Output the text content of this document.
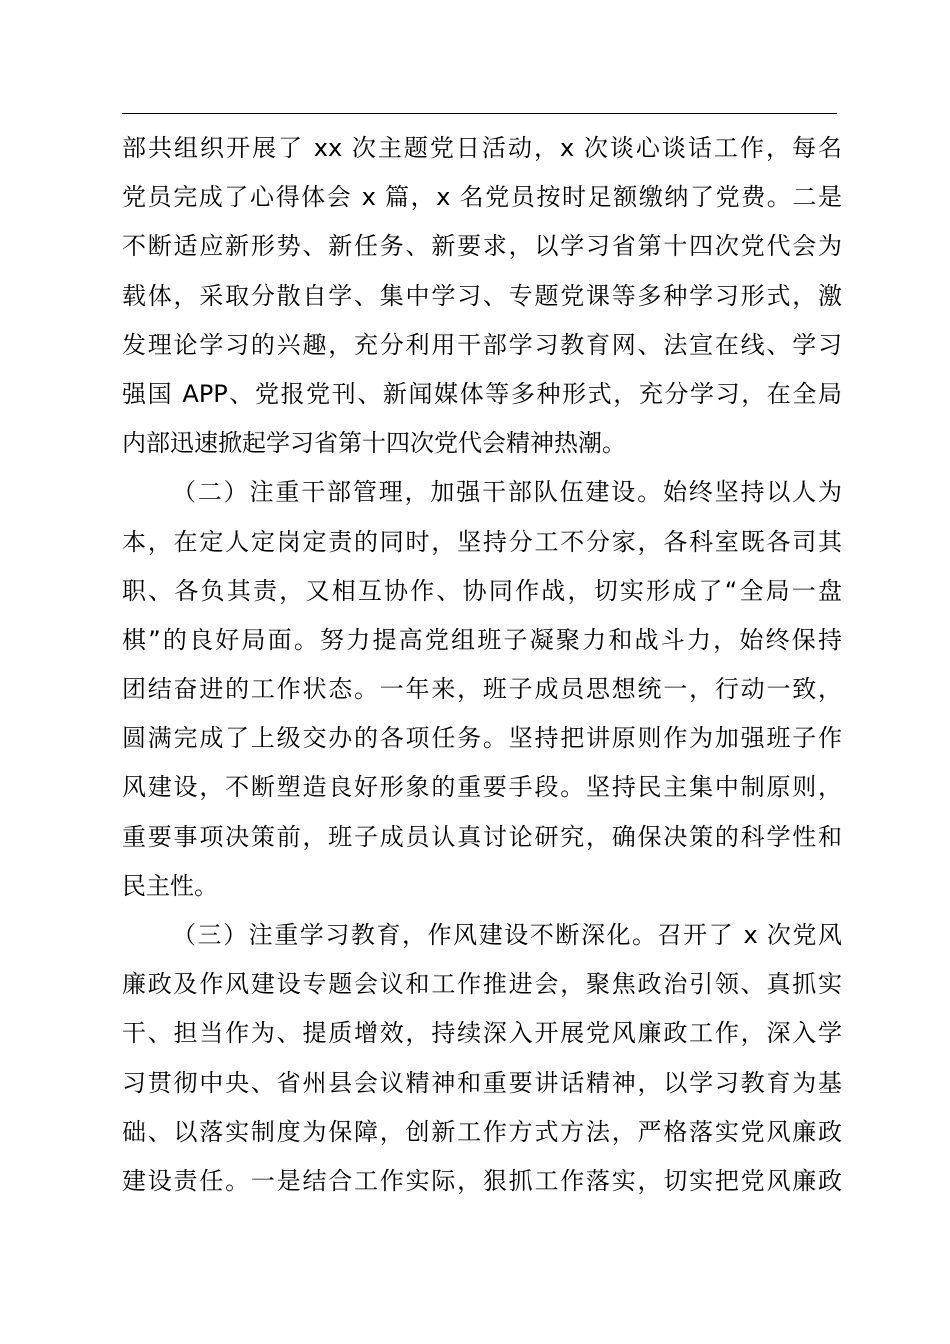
部共组织开展了 xx 次主题党日活动，x 次谈心谈话工作，每名
党员完成了心得体会 x 篇，x 名党员按时足额缴纳了党费。二是
不断适应新形势、新任务、新要求，以学习省第十四次党代会为
载体，采取分散自学、集中学习、专题党课等多种学习形式，激
发理论学习的兴趣，充分利用干部学习教育网、法宣在线、学习
强国 APP、党报党刊、新闻媒体等多种形式，充分学习，在全局
内部迅速掀起学习省第十四次党代会精神热潮。
（二）注重干部管理，加强干部队伍建设。始终坚持以人为
本，在定人定岗定责的同时，坚持分工不分家，各科室既各司其
职、各负其责，又相互协作、协同作战，切实形成了“全局一盘
棋”的良好局面。努力提高党组班子凝聚力和战斗力，始终保持
团结奋进的工作状态。一年来，班子成员思想统一，行动一致，
圆满完成了上级交办的各项任务。坚持把讲原则作为加强班子作
风建设，不断塑造良好形象的重要手段。坚持民主集中制原则，
重要事项决策前，班子成员认真讨论研究，确保决策的科学性和
民主性。
（三）注重学习教育，作风建设不断深化。召开了 x 次党风
廉政及作风建设专题会议和工作推进会，聚焦政治引领、真抓实
干、担当作为、提质增效，持续深入开展党风廉政工作，深入学
习贯彻中央、省州县会议精神和重要讲话精神，以学习教育为基
础、以落实制度为保障，创新工作方式方法，严格落实党风廉政
建设责任。一是结合工作实际，狠抓工作落实，切实把党风廉政
